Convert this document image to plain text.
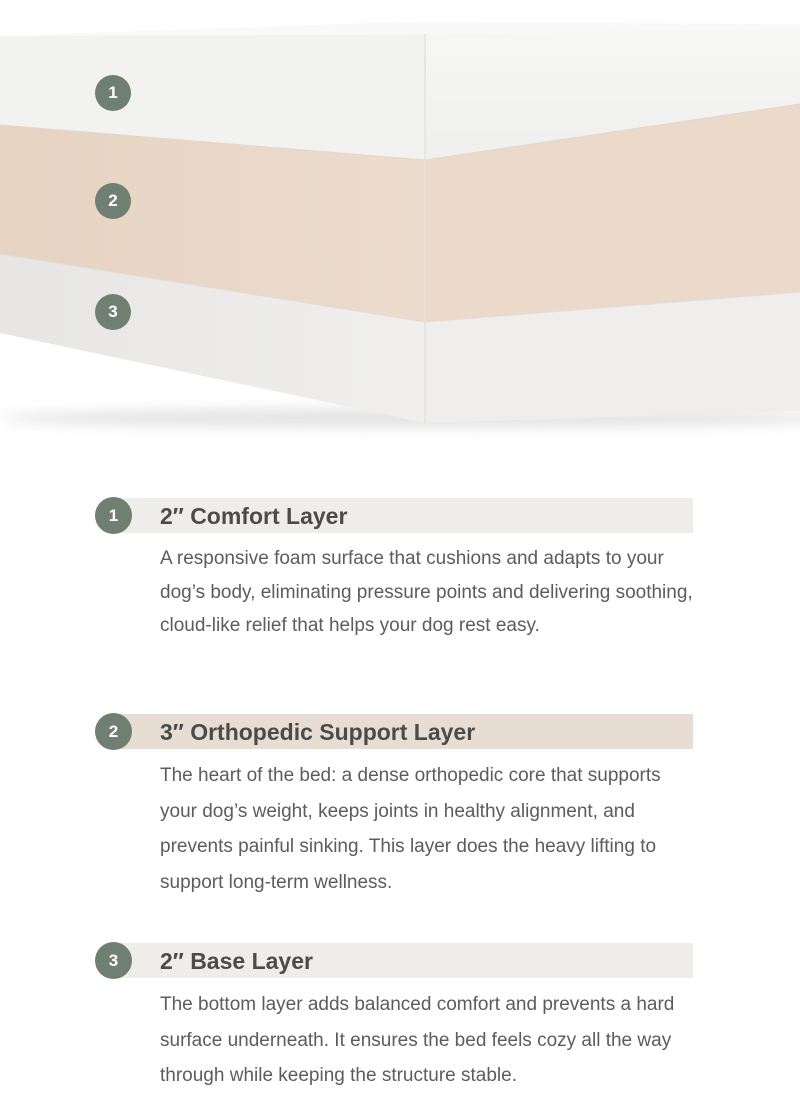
1
2
3
1	2″ Comfort Layer

A responsive foam surface that cushions and adapts to your dog’s body, eliminating pressure points and delivering soothing, cloud-like relief that helps your dog rest easy.

2	3″ Orthopedic Support Layer

The heart of the bed: a dense orthopedic core that supports your dog’s weight, keeps joints in healthy alignment, and prevents painful sinking. This layer does the heavy lifting to support long-term wellness.

3	2″ Base Layer

The bottom layer adds balanced comfort and prevents a hard surface underneath. It ensures the bed feels cozy all the way through while keeping the structure stable.
